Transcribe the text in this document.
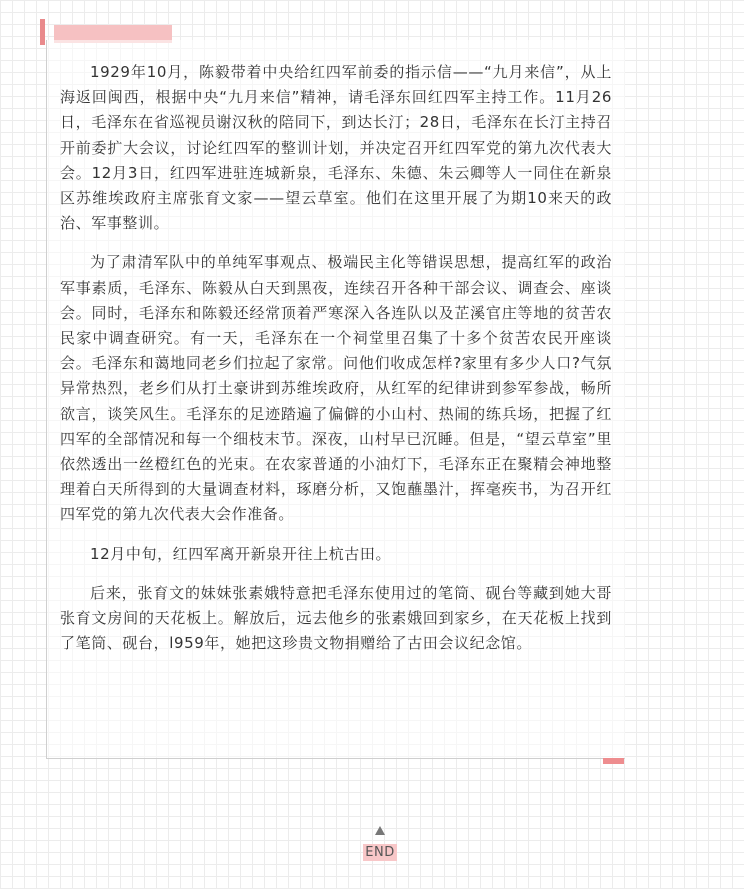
1929年10月，陈毅带着中央给红四军前委的指示信——“九月来信”，从上海返回闽西，根据中央“九月来信”精神，请毛泽东回红四军主持工作。11月26日，毛泽东在省巡视员谢汉秋的陪同下，到达长汀；28日，毛泽东在长汀主持召开前委扩大会议，讨论红四军的整训计划，并决定召开红四军党的第九次代表大会。12月3日，红四军进驻连城新泉，毛泽东、朱德、朱云卿等人一同住在新泉区苏维埃政府主席张育文家——望云草室。他们在这里开展了为期10来天的政治、军事整训。

为了肃清军队中的单纯军事观点、极端民主化等错误思想，提高红军的政治军事素质，毛泽东、陈毅从白天到黑夜，连续召开各种干部会议、调查会、座谈会。同时，毛泽东和陈毅还经常顶着严寒深入各连队以及芷溪官庄等地的贫苦农民家中调查研究。有一天，毛泽东在一个祠堂里召集了十多个贫苦农民开座谈会。毛泽东和蔼地同老乡们拉起了家常。问他们收成怎样?家里有多少人口?气氛异常热烈，老乡们从打土豪讲到苏维埃政府，从红军的纪律讲到参军参战，畅所欲言，谈笑风生。毛泽东的足迹踏遍了偏僻的小山村、热闹的练兵场，把握了红四军的全部情况和每一个细枝末节。深夜，山村早已沉睡。但是，“望云草室”里依然透出一丝橙红色的光束。在农家普通的小油灯下，毛泽东正在聚精会神地整理着白天所得到的大量调查材料，琢磨分析，又饱蘸墨汁，挥毫疾书，为召开红四军党的第九次代表大会作准备。

12月中旬，红四军离开新泉开往上杭古田。

后来，张育文的妹妹张素娥特意把毛泽东使用过的笔筒、砚台等藏到她大哥张育文房间的天花板上。解放后，远去他乡的张素娥回到家乡，在天花板上找到了笔筒、砚台，l959年，她把这珍贵文物捐赠给了古田会议纪念馆。

END
